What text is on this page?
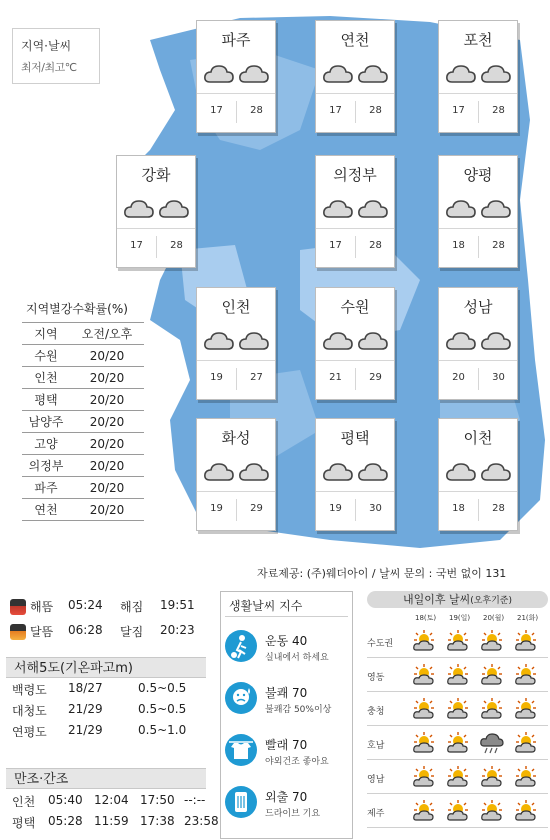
지역·날씨
최저/최고℃
파주
17	28
연천
17	28
포천
17	28
강화
17	28
의정부
17	28
양평
18	28
인천
19	27
수원
21	29
성남
20	30
화성
19	29
평택
19	30
이천
18	28
지역별강수확률(%)
지역	오전/오후
수원	20/20
인천	20/20
평택	20/20
남양주	20/20
고양	20/20
의정부	20/20
파주	20/20
연천	20/20
자료제공: (주)웨더아이 / 날씨 문의 : 국번 없이 131
해뜸 05:24 해짐 19:51
달뜸 06:28 달짐 20:23
서해5도(기온파고m)
백령도 18/27	0.5~0.5
대청도 21/29	0.5~0.5
연평도 21/29	0.5~1.0
만조·간조
인천 05:40 12:04 17:50 --:--
평택 05:28 11:59 17:38 23:58
생활날씨 지수
운동 40
실내에서 하세요
불쾌 70
불쾌감 50%이상
빨래 70
야외건조 좋아요
외출 70
드라이브 기요
내일이후 날씨(오후기준)
18(토) 19(일) 20(월) 21(화)
수도권
영동
충청
호남
영남
제주
